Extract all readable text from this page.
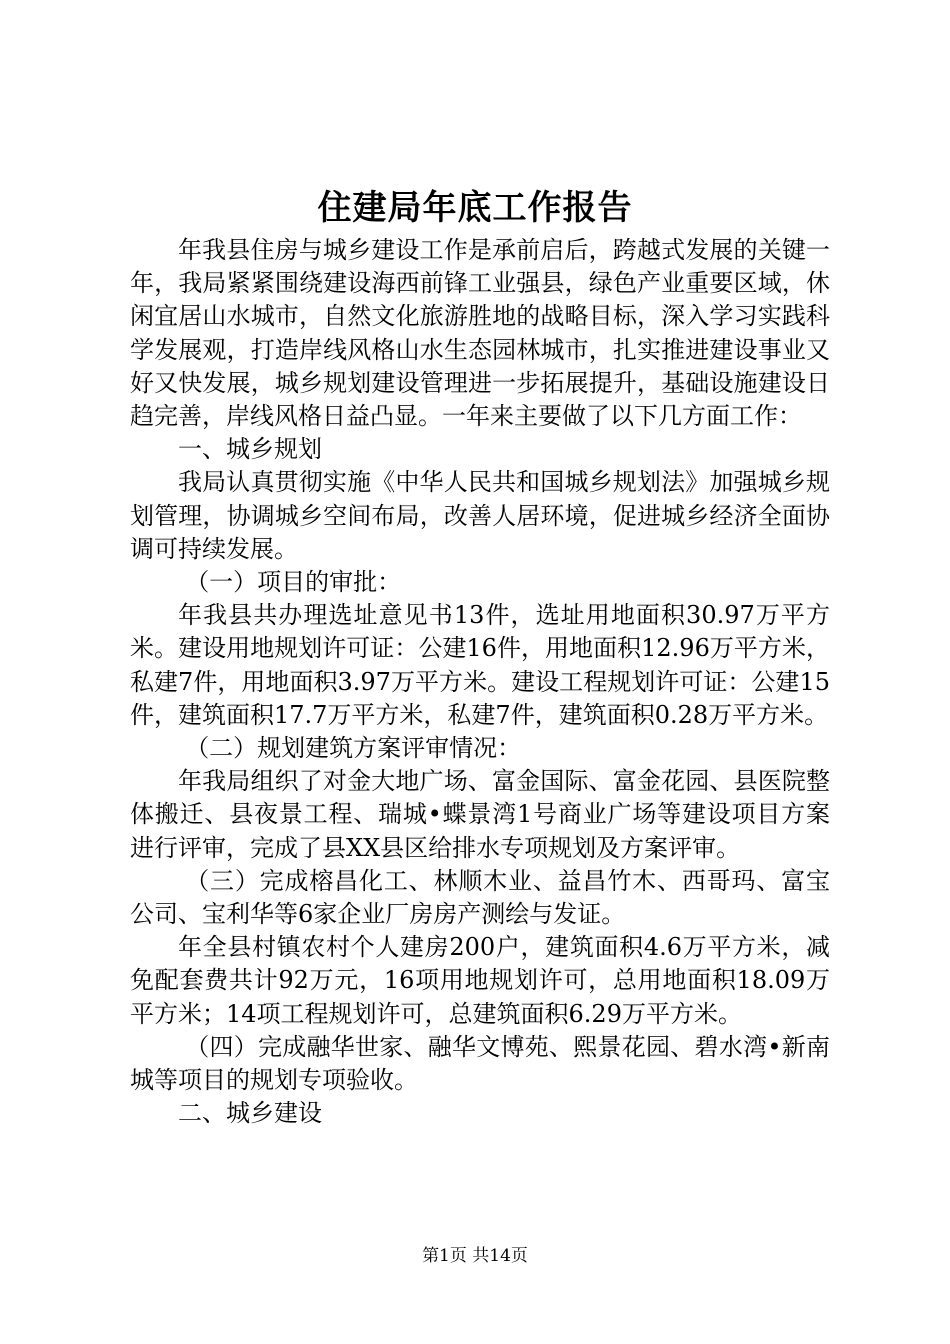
住建局年底工作报告

年我县住房与城乡建设工作是承前启后，跨越式发展的关键一年，我局紧紧围绕建设海西前锋工业强县，绿色产业重要区域，休闲宜居山水城市，自然文化旅游胜地的战略目标，深入学习实践科学发展观，打造岸线风格山水生态园林城市，扎实推进建设事业又好又快发展，城乡规划建设管理进一步拓展提升，基础设施建设日趋完善，岸线风格日益凸显。一年来主要做了以下几方面工作：

一、城乡规划

我局认真贯彻实施《中华人民共和国城乡规划法》加强城乡规划管理，协调城乡空间布局，改善人居环境，促进城乡经济全面协调可持续发展。

（一）项目的审批：

年我县共办理选址意见书13件，选址用地面积30.97万平方米。建设用地规划许可证：公建16件，用地面积12.96万平方米，私建7件，用地面积3.97万平方米。建设工程规划许可证：公建15件，建筑面积17.7万平方米，私建7件，建筑面积0.28万平方米。

（二）规划建筑方案评审情况：

年我局组织了对金大地广场、富金国际、富金花园、县医院整体搬迁、县夜景工程、瑞城•蝶景湾1号商业广场等建设项目方案进行评审，完成了县XX县区给排水专项规划及方案评审。

（三）完成榕昌化工、林顺木业、益昌竹木、西哥玛、富宝公司、宝利华等6家企业厂房房产测绘与发证。

年全县村镇农村个人建房200户，建筑面积4.6万平方米，减免配套费共计92万元，16项用地规划许可，总用地面积18.09万平方米；14项工程规划许可，总建筑面积6.29万平方米。

（四）完成融华世家、融华文博苑、熙景花园、碧水湾•新南城等项目的规划专项验收。

二、城乡建设

第1页 共14页
